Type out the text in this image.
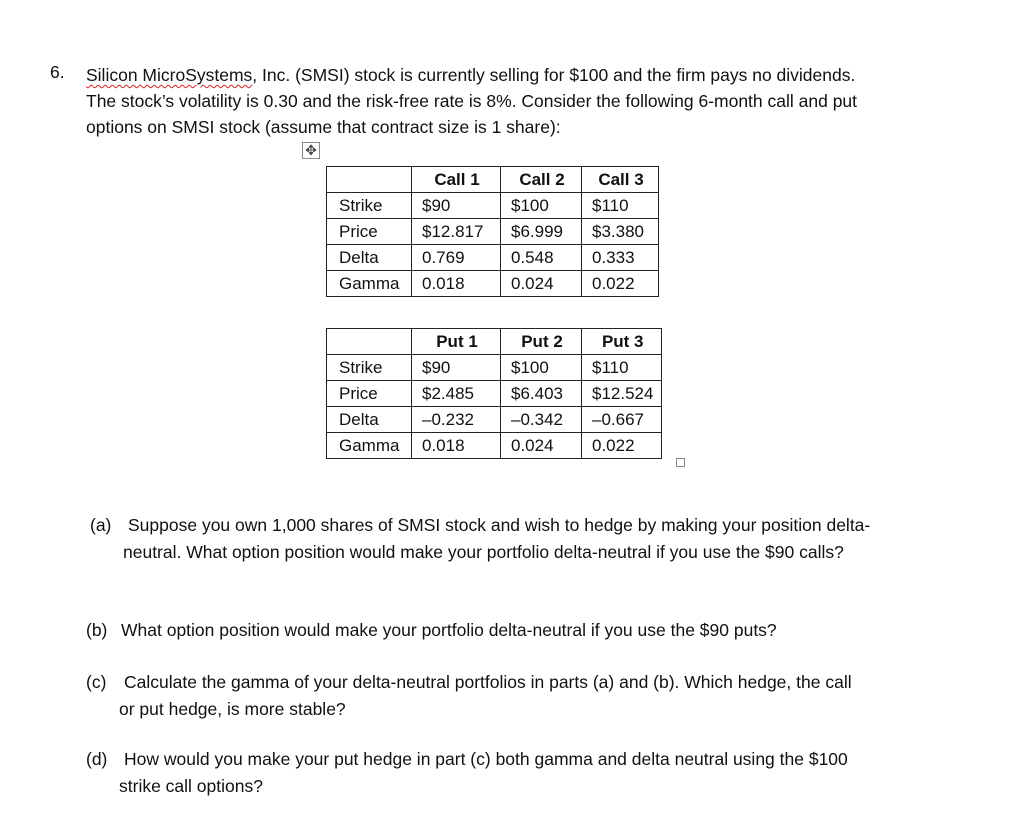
6. Silicon MicroSystems, Inc. (SMSI) stock is currently selling for $100 and the firm pays no dividends.
The stock’s volatility is 0.30 and the risk-free rate is 8%. Consider the following 6-month call and put
options on SMSI stock (assume that contract size is 1 share):
✥
	Call 1	Call 2	Call 3
Strike	$90	$100	$110
Price	$12.817	$6.999	$3.380
Delta	0.769	0.548	0.333
Gamma	0.018	0.024	0.022
	Put 1	Put 2	Put 3
Strike	$90	$100	$110
Price	$2.485	$6.403	$12.524
Delta	–0.232	–0.342	–0.667
Gamma	0.018	0.024	0.022
(a) Suppose you own 1,000 shares of SMSI stock and wish to hedge by making your position delta-
neutral. What option position would make your portfolio delta-neutral if you use the $90 calls?
(b) What option position would make your portfolio delta-neutral if you use the $90 puts?
(c)	Calculate the gamma of your delta-neutral portfolios in parts (a) and (b). Which hedge, the call
or put hedge, is more stable?
(d) How would you make your put hedge in part (c) both gamma and delta neutral using the $100
strike call options?
